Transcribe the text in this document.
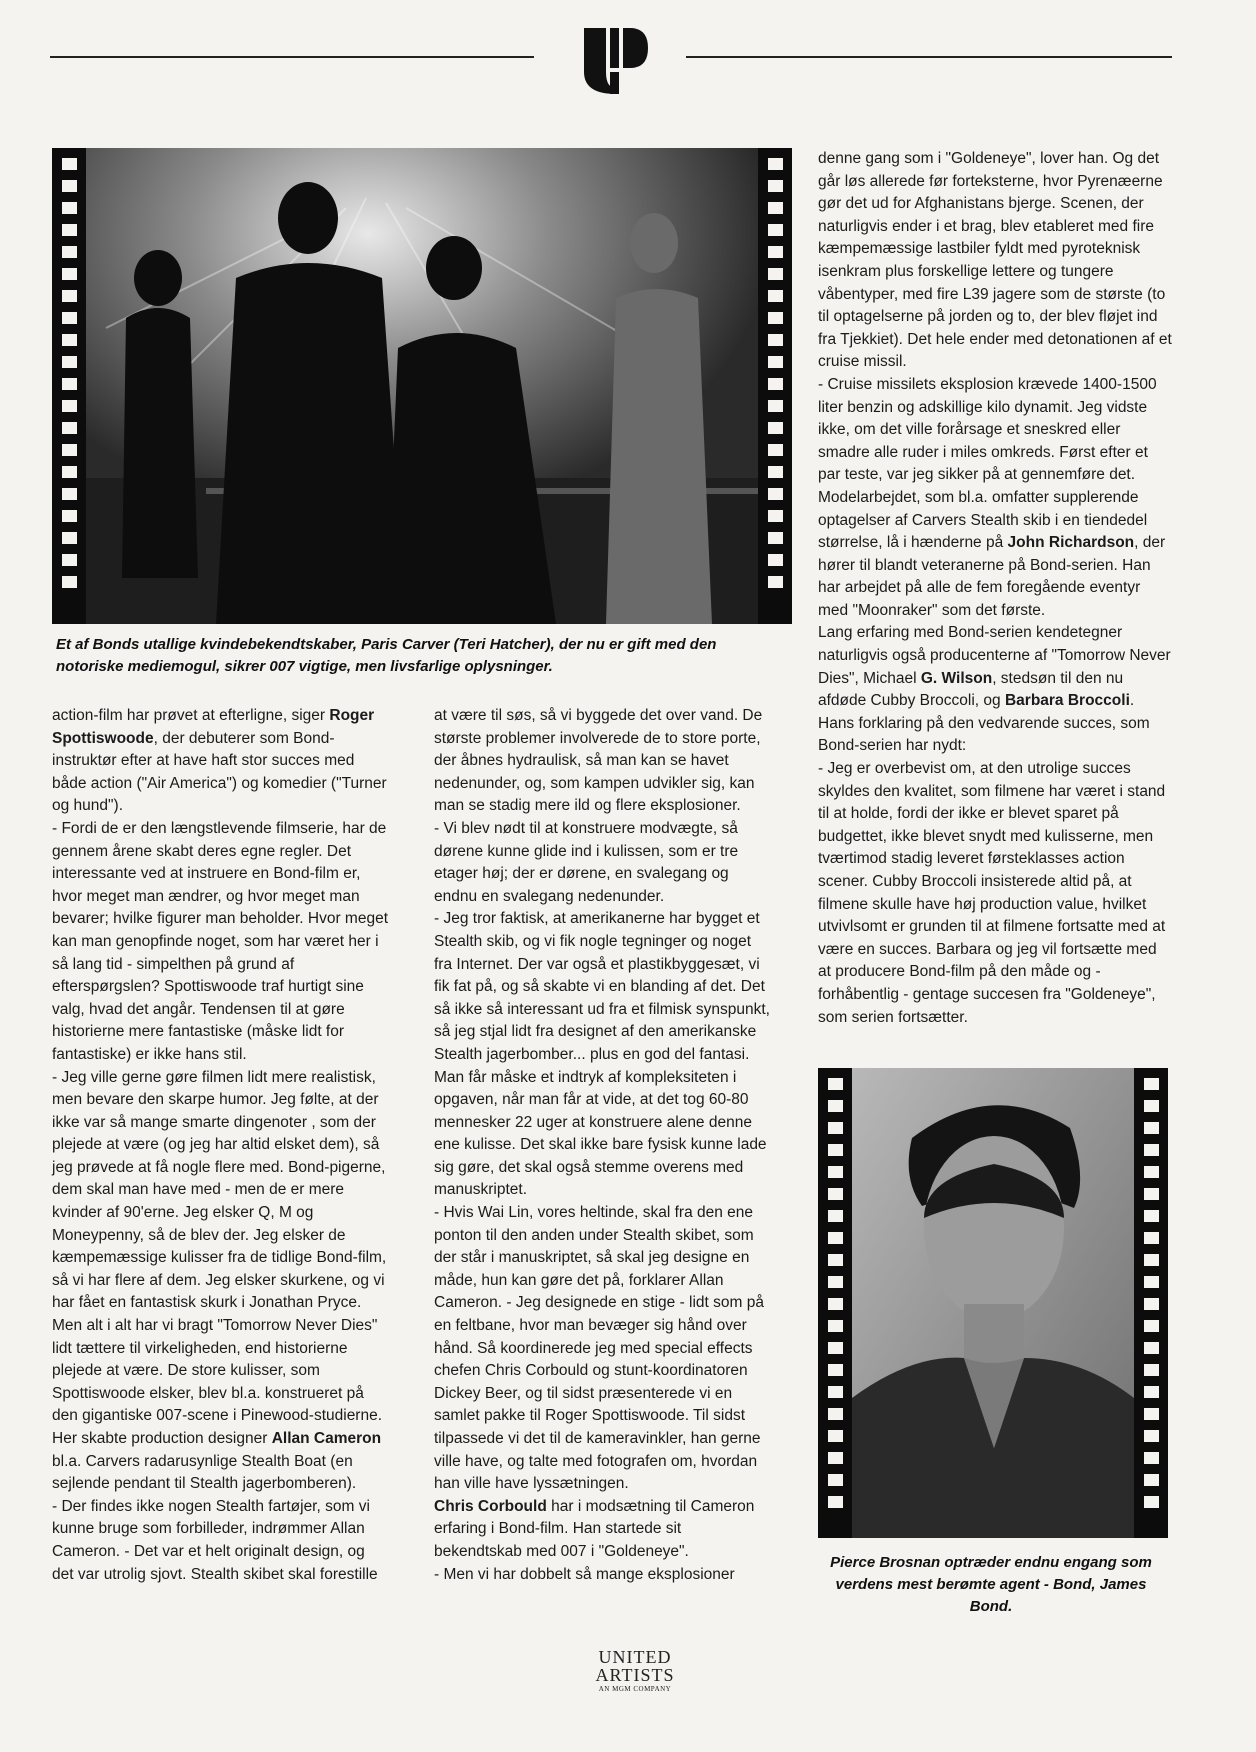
Et af Bonds utallige kvindebekendtskaber, Paris Carver (Teri Hatcher), der nu er gift med den notoriske mediemogul, sikrer 007 vigtige, men livsfarlige oplysninger.

action-film har prøvet at efterligne, siger Roger Spottiswoode, der debuterer som Bond-instruktør efter at have haft stor succes med både action ("Air America") og komedier ("Turner og hund").

- Fordi de er den længstlevende filmserie, har de gennem årene skabt deres egne regler. Det interessante ved at instruere en Bond-film er, hvor meget man ændrer, og hvor meget man bevarer; hvilke figurer man beholder. Hvor meget kan man genopfinde noget, som har været her i så lang tid - simpelthen på grund af efterspørgslen? Spottiswoode traf hurtigt sine valg, hvad det angår. Tendensen til at gøre historierne mere fantastiske (måske lidt for fantastiske) er ikke hans stil.

- Jeg ville gerne gøre filmen lidt mere realistisk, men bevare den skarpe humor. Jeg følte, at der ikke var så mange smarte dingenoter , som der plejede at være (og jeg har altid elsket dem), så jeg prøvede at få nogle flere med. Bond-pigerne, dem skal man have med - men de er mere kvinder af 90'erne. Jeg elsker Q, M og Moneypenny, så de blev der. Jeg elsker de kæmpemæssige kulisser fra de tidlige Bond-film, så vi har flere af dem. Jeg elsker skurkene, og vi har fået en fantastisk skurk i Jonathan Pryce. Men alt i alt har vi bragt "Tomorrow Never Dies" lidt tættere til virkeligheden, end historierne plejede at være. De store kulisser, som Spottiswoode elsker, blev bl.a. konstrueret på den gigantiske 007-scene i Pinewood-studierne. Her skabte production designer Allan Cameron bl.a. Carvers radarusynlige Stealth Boat (en sejlende pendant til Stealth jagerbomberen).

- Der findes ikke nogen Stealth fartøjer, som vi kunne bruge som forbilleder, indrømmer Allan Cameron. - Det var et helt originalt design, og det var utrolig sjovt. Stealth skibet skal forestille

at være til søs, så vi byggede det over vand. De største problemer involverede de to store porte, der åbnes hydraulisk, så man kan se havet nedenunder, og, som kampen udvikler sig, kan man se stadig mere ild og flere eksplosioner.

- Vi blev nødt til at konstruere modvægte, så dørene kunne glide ind i kulissen, som er tre etager høj; der er dørene, en svalegang og endnu en svalegang nedenunder.

- Jeg tror faktisk, at amerikanerne har bygget et Stealth skib, og vi fik nogle tegninger og noget fra Internet. Der var også et plastikbyggesæt, vi fik fat på, og så skabte vi en blanding af det. Det så ikke så interessant ud fra et filmisk synspunkt, så jeg stjal lidt fra designet af den amerikanske Stealth jagerbomber... plus en god del fantasi. Man får måske et indtryk af kompleksiteten i opgaven, når man får at vide, at det tog 60-80 mennesker 22 uger at konstruere alene denne ene kulisse. Det skal ikke bare fysisk kunne lade sig gøre, det skal også stemme overens med manuskriptet.

- Hvis Wai Lin, vores heltinde, skal fra den ene ponton til den anden under Stealth skibet, som der står i manuskriptet, så skal jeg designe en måde, hun kan gøre det på, forklarer Allan Cameron. - Jeg designede en stige - lidt som på en feltbane, hvor man bevæger sig hånd over hånd. Så koordinerede jeg med special effects chefen Chris Corbould og stunt-koordinatoren Dickey Beer, og til sidst præsenterede vi en samlet pakke til Roger Spottiswoode. Til sidst tilpassede vi det til de kameravinkler, han gerne ville have, og talte med fotografen om, hvordan han ville have lyssætningen.

Chris Corbould har i modsætning til Cameron erfaring i Bond-film. Han startede sit bekendtskab med 007 i "Goldeneye".

- Men vi har dobbelt så mange eksplosioner

denne gang som i "Goldeneye", lover han. Og det går løs allerede før forteksterne, hvor Pyrenæerne gør det ud for Afghanistans bjerge. Scenen, der naturligvis ender i et brag, blev etableret med fire kæmpemæssige lastbiler fyldt med pyroteknisk isenkram plus forskellige lettere og tungere våbentyper, med fire L39 jagere som de største (to til optagelserne på jorden og to, der blev fløjet ind fra Tjekkiet). Det hele ender med detonationen af et cruise missil.

- Cruise missilets eksplosion krævede 1400-1500 liter benzin og adskillige kilo dynamit. Jeg vidste ikke, om det ville forårsage et sneskred eller smadre alle ruder i miles omkreds. Først efter et par teste, var jeg sikker på at gennemføre det. Modelarbejdet, som bl.a. omfatter supplerende optagelser af Carvers Stealth skib i en tiendedel størrelse, lå i hænderne på John Richardson, der hører til blandt veteranerne på Bond-serien. Han har arbejdet på alle de fem foregående eventyr med "Moonraker" som det første.

Lang erfaring med Bond-serien kendetegner naturligvis også producenterne af "Tomorrow Never Dies", Michael G. Wilson, stedsøn til den nu afdøde Cubby Broccoli, og Barbara Broccoli. Hans forklaring på den vedvarende succes, som Bond-serien har nydt:

- Jeg er overbevist om, at den utrolige succes skyldes den kvalitet, som filmene har været i stand til at holde, fordi der ikke er blevet sparet på budgettet, ikke blevet snydt med kulisserne, men tværtimod stadig leveret førsteklasses action scener. Cubby Broccoli insisterede altid på, at filmene skulle have høj production value, hvilket utvivlsomt er grunden til at filmene fortsatte med at være en succes. Barbara og jeg vil fortsætte med at producere Bond-film på den måde og - forhåbentlig - gentage succesen fra "Goldeneye", som serien fortsætter.

Pierce Brosnan optræder endnu engang som verdens mest berømte agent - Bond, James Bond.
UNITED
ARTISTS
AN MGM COMPANY
